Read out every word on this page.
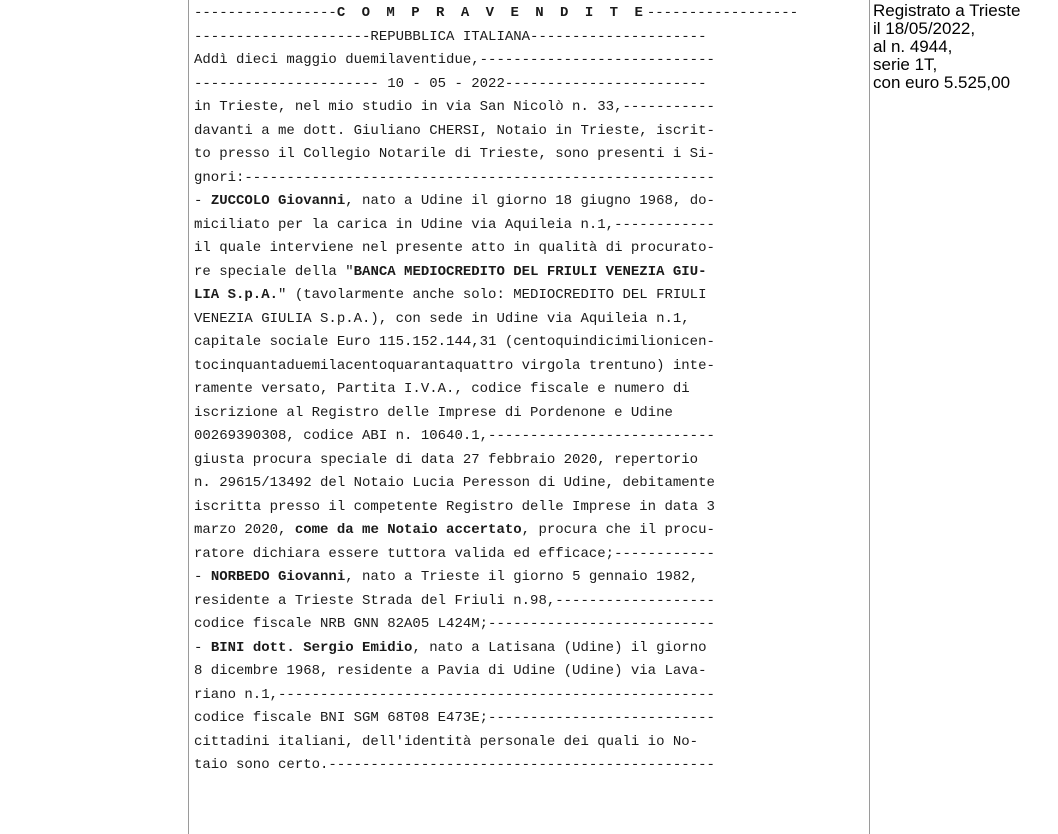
-----------------C O M P R A V E N D I T E------------------
---------------------REPUBBLICA ITALIANA---------------------
Addì dieci maggio duemilaventidue,----------------------------
---------------------- 10 - 05 - 2022------------------------
in Trieste, nel mio studio in via San Nicolò n. 33,-----------
davanti a me dott. Giuliano CHERSI, Notaio in Trieste, iscrit-
to presso il Collegio Notarile di Trieste, sono presenti i Si-
gnori:--------------------------------------------------------
- ZUCCOLO Giovanni, nato a Udine il giorno 18 giugno 1968, do-
miciliato per la carica in Udine via Aquileia n.1,------------
il quale interviene nel presente atto in qualità di procurato-
re speciale della "BANCA MEDIOCREDITO DEL FRIULI VENEZIA GIU-
LIA S.p.A." (tavolarmente anche solo: MEDIOCREDITO DEL FRIULI
VENEZIA GIULIA S.p.A.), con sede in Udine via Aquileia n.1,
capitale sociale Euro 115.152.144,31 (centoquindicimilionicen-
tocinquantaduemilacentoquarantaquattro virgola trentuno) inte-
ramente versato, Partita I.V.A., codice fiscale e numero di
iscrizione al Registro delle Imprese di Pordenone e Udine
00269390308, codice ABI n. 10640.1,---------------------------
giusta procura speciale di data 27 febbraio 2020, repertorio
n. 29615/13492 del Notaio Lucia Peresson di Udine, debitamente
iscritta presso il competente Registro delle Imprese in data 3
marzo 2020, come da me Notaio accertato, procura che il procu-
ratore dichiara essere tuttora valida ed efficace;------------
- NORBEDO Giovanni, nato a Trieste il giorno 5 gennaio 1982,
residente a Trieste Strada del Friuli n.98,-------------------
codice fiscale NRB GNN 82A05 L424M;---------------------------
- BINI dott. Sergio Emidio, nato a Latisana (Udine) il giorno
8 dicembre 1968, residente a Pavia di Udine (Udine) via Lava-
riano n.1,----------------------------------------------------
codice fiscale BNI SGM 68T08 E473E;---------------------------
cittadini italiani, dell'identità personale dei quali io No-
taio sono certo.----------------------------------------------
Registrato a Trieste
il 18/05/2022,
al n. 4944,
serie 1T,
con euro 5.525,00
